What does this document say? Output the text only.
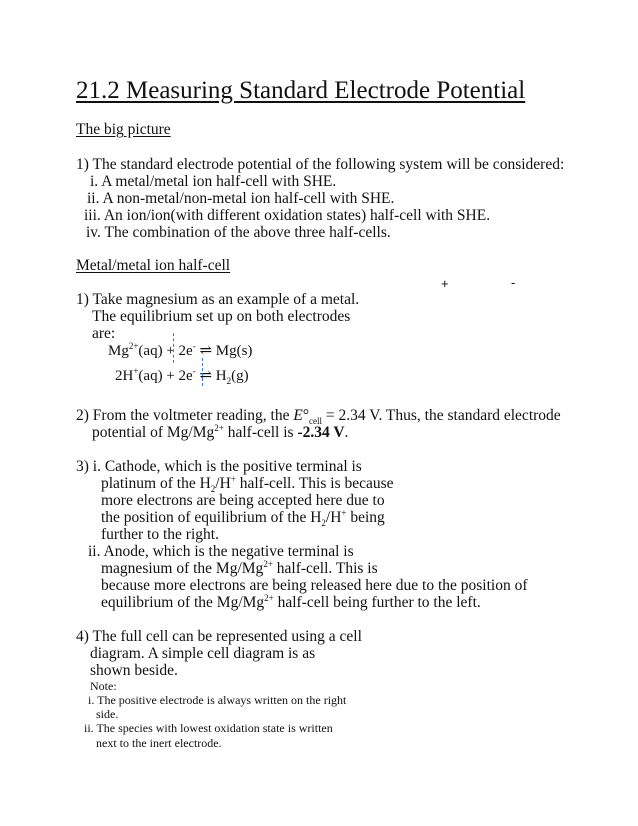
21.2 Measuring Standard Electrode Potential
The big picture
1) The standard electrode potential of the following system will be considered:
i. A metal/metal ion half-cell with SHE.
ii. A non-metal/non-metal ion half-cell with SHE.
iii. An ion/ion(with different oxidation states) half-cell with SHE.
iv. The combination of the above three half-cells.
Metal/metal ion half-cell
+	-
1) Take magnesium as an example of a metal.
The equilibrium set up on both electrodes
are:
$Mg^{2+}(aq) + 2e^-$ ⇌ Mg(s)
2H+(aq) + 2e- ⇌ $H_2(g)$
2) From the voltmeter reading, the $E^\circ_{cell} = 2.34$ V. Thus, the standard electrode
potential of $Mg/Mg^{2+}$ half-cell is -2.34 V.
3) i. Cathode, which is the positive terminal is
platinum of the $H_2/H^+$ half-cell. This is because
more electrons are being accepted here due to
the position of equilibrium of the $H_2/H^+$ being
further to the right.
ii. Anode, which is the negative terminal is
magnesium of the $Mg/Mg^{2+}$ half-cell. This is
because more electrons are being released here due to the position of
equilibrium of the $Mg/Mg^{2+}$ half-cell being further to the left.
4) The full cell can be represented using a cell
diagram. A simple cell diagram is as
shown beside.
Note:
i. The positive electrode is always written on the right
side.
ii. The species with lowest oxidation state is written
next to the inert electrode.
